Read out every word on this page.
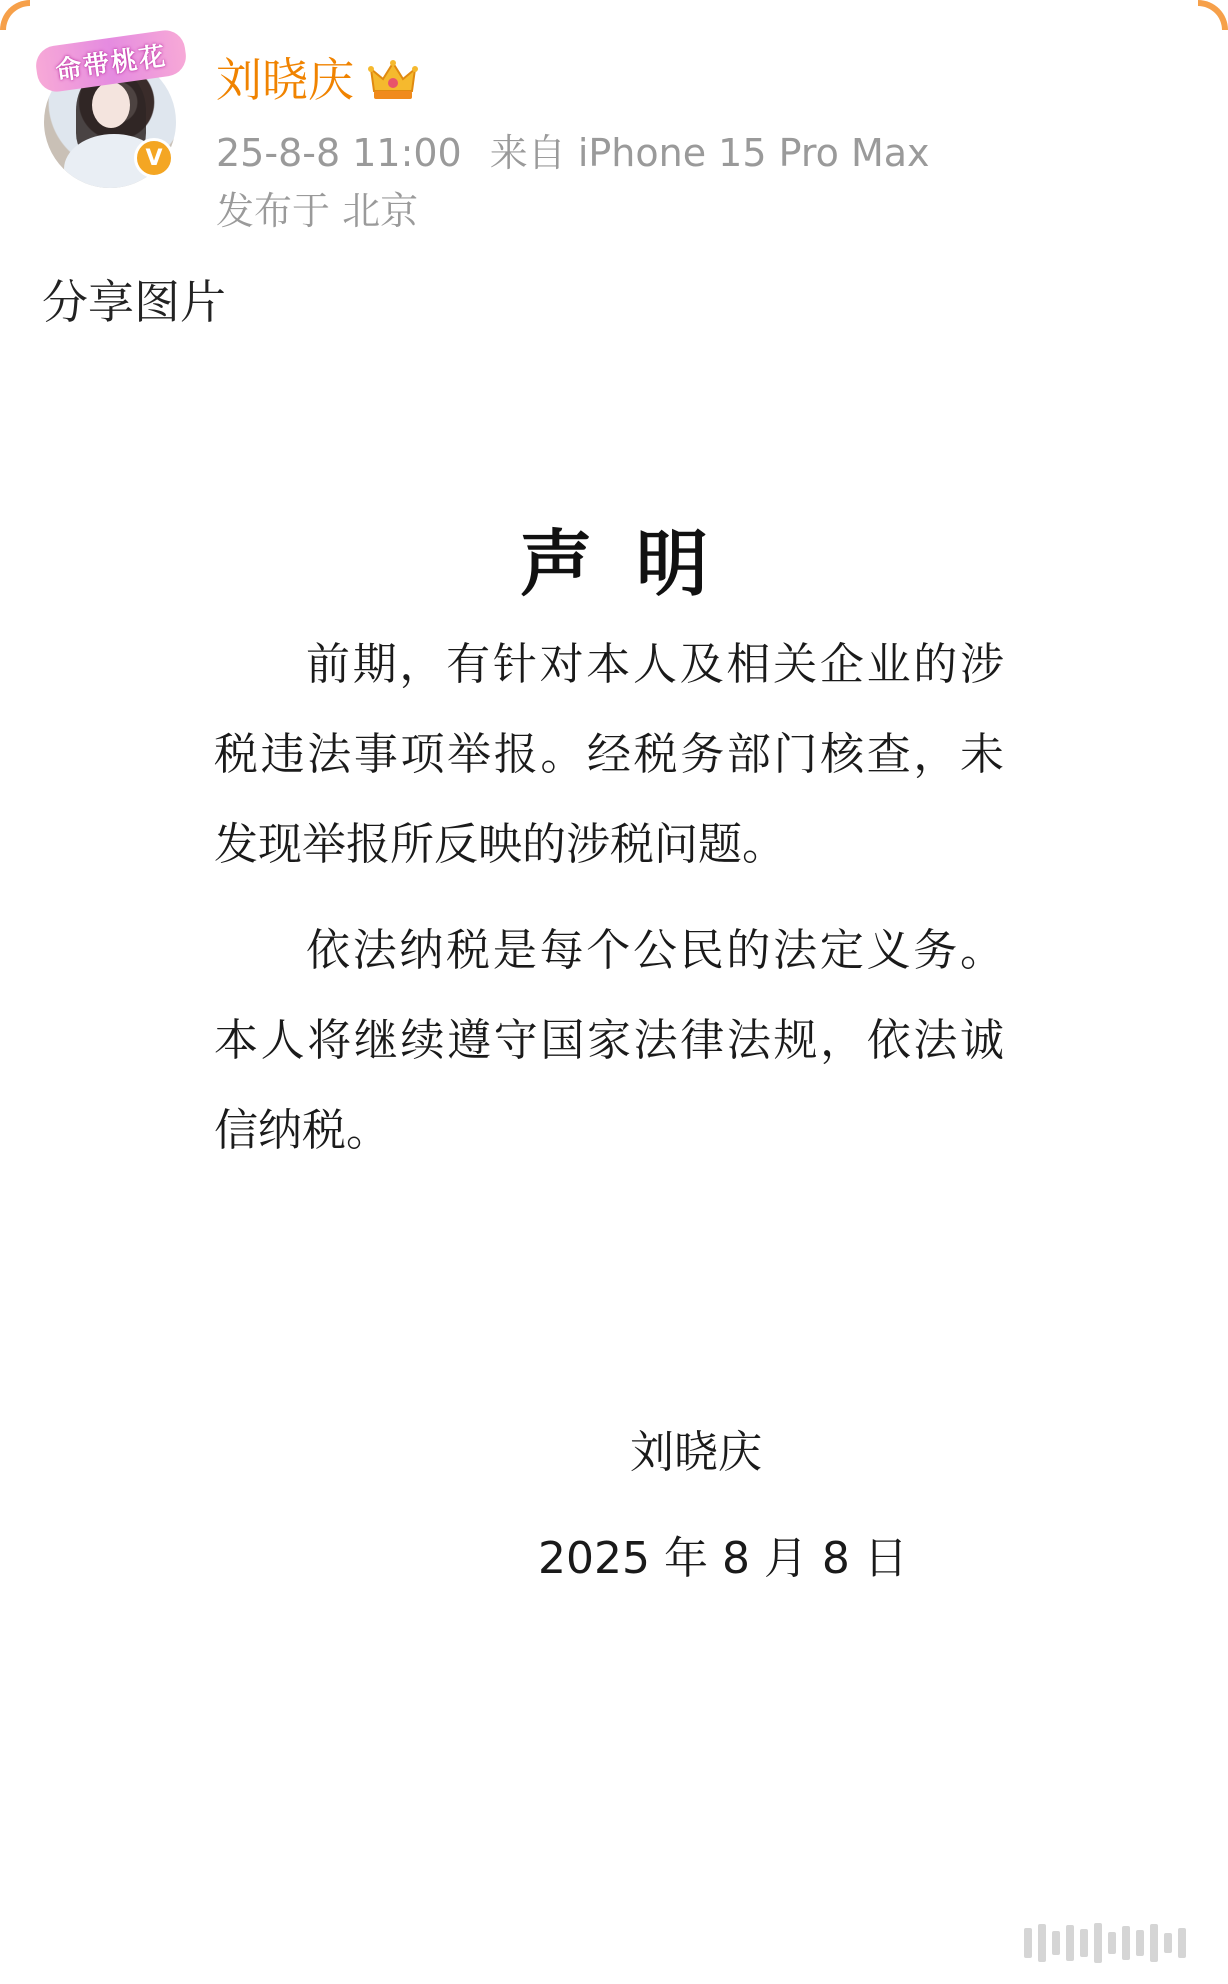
命带桃花
V
刘晓庆
25-8-8 11:00 来自 iPhone 15 Pro Max
发布于 北京
分享图片
声明
前期，有针对本人及相关企业的涉税违法事项举报。经税务部门核查，未发现举报所反映的涉税问题。
依法纳税是每个公民的法定义务。本人将继续遵守国家法律法规，依法诚信纳税。
刘晓庆
2025 年 8 月 8 日
